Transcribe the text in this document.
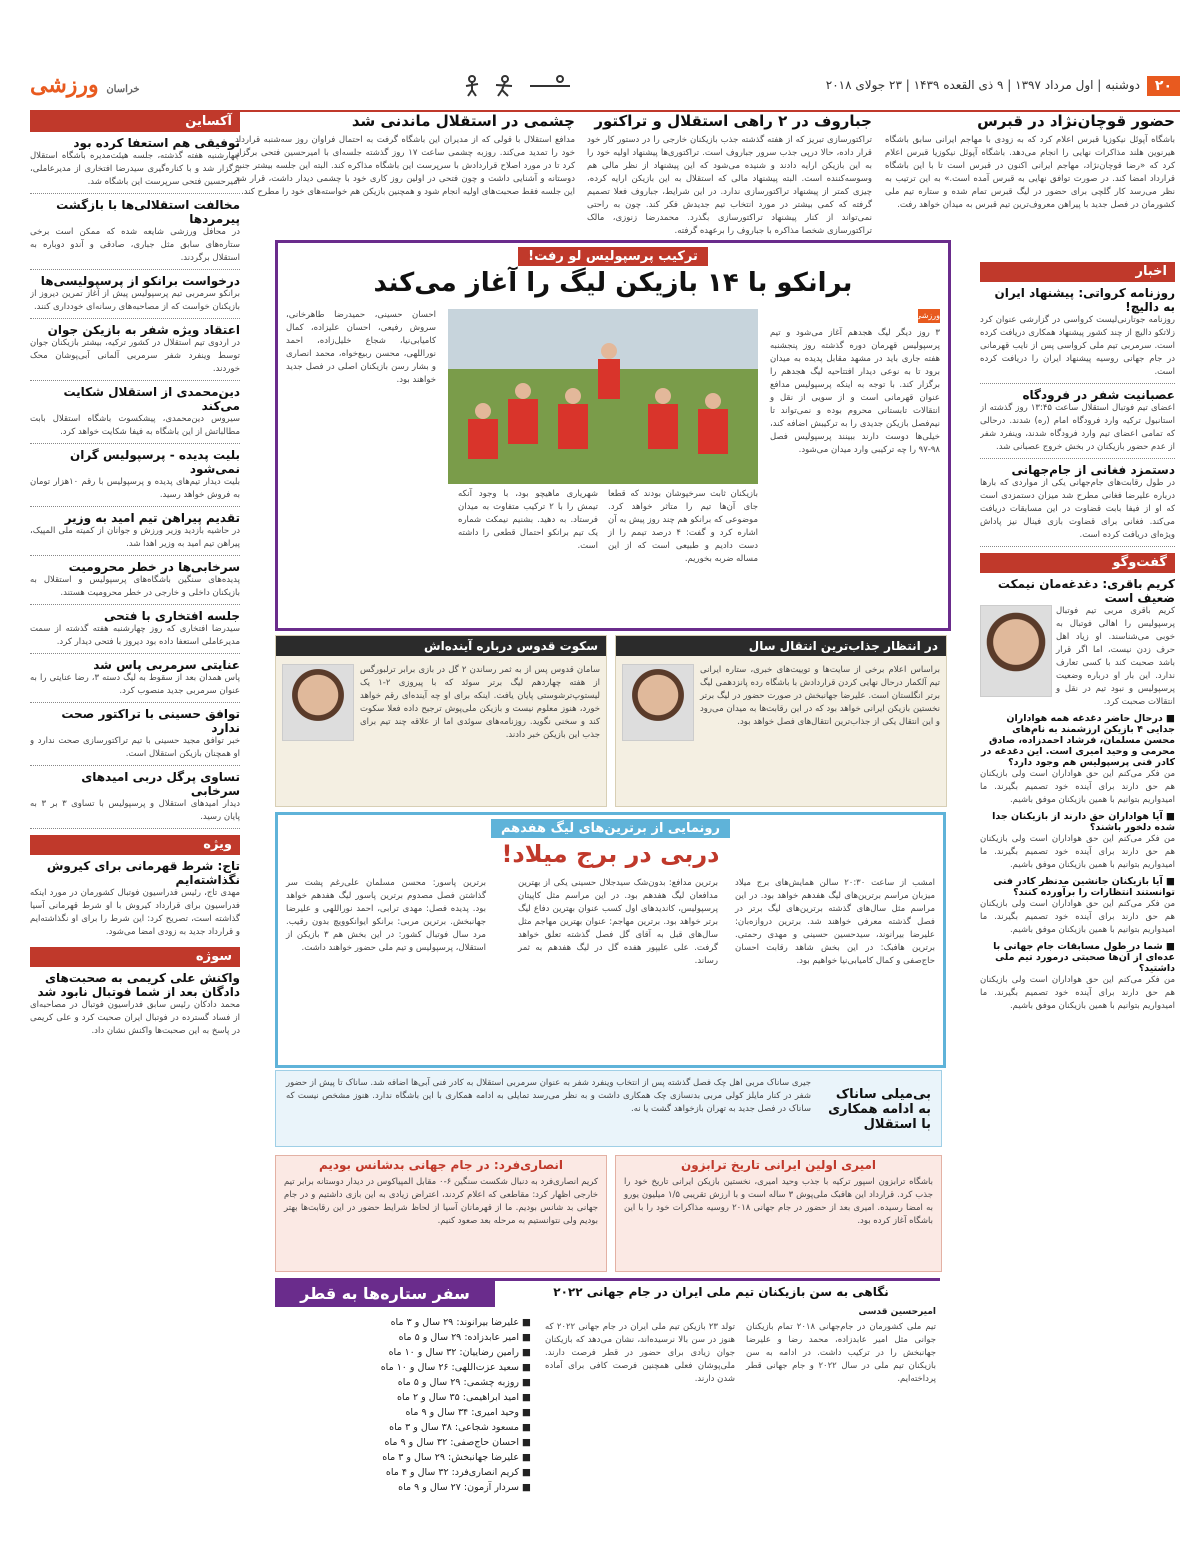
۲۰
دوشنبه | اول مرداد ۱۳۹۷ | ۹ ذی القعده ۱۴۳۹ | ۲۳ جولای ۲۰۱۸
خراسان ورزشی
حضور قوچان‌نژاد در قبرس
باشگاه آپوئل نیکوزیا قبرس اعلام کرد که به زودی با مهاجم ایرانی سابق باشگاه هیرنوین هلند مذاکرات نهایی را انجام می‌دهد. باشگاه آپوئل نیکوزیا قبرس اعلام کرد که «رضا قوچان‌نژاد، مهاجم ایرانی اکنون در قبرس است تا با این باشگاه قرارداد امضا کند. در صورت توافق نهایی به قبرس آمده است.» به این ترتیب به نظر می‌رسد کار گلچی برای حضور در لیگ قبرس تمام شده و ستاره تیم ملی کشورمان در فصل جدید با پیراهن معروف‌ترین تیم قبرس به میدان خواهد رفت.
جباروف در ۲ راهی استقلال و تراکتور
تراکتورسازی تبریز که از هفته گذشته جذب بازیکنان خارجی را در دستور کار خود قرار داده، حالا درپی جذب سرور جباروف است. تراکتوری‌ها پیشنهاد اولیه خود را به این بازیکن ارایه دادند و شنیده می‌شود که این پیشنهاد از نظر مالی هم وسوسه‌کننده است. البته پیشنهاد مالی که استقلال به این بازیکن ارایه کرده، چیزی کمتر از پیشنهاد تراکتورسازی ندارد. در این شرایط، جباروف فعلا تصمیم گرفته که کمی بیشتر در مورد انتخاب تیم جدیدش فکر کند. چون به راحتی نمی‌تواند از کنار پیشنهاد تراکتورسازی بگذرد. محمدرضا زنوزی، مالک تراکتورسازی شخصا مذاکره با جباروف را برعهده گرفته.
چشمی در استقلال ماندنی شد
مدافع استقلال با قولی که از مدیران این باشگاه گرفت به احتمال فراوان روز سه‌شنبه قرارداد خود را تمدید می‌کند. روزبه چشمی ساعت ۱۷ روز گذشته جلسه‌ای با امیرحسین فتحی برگزار کرد تا در مورد اصلاح قراردادش با سرپرست این باشگاه مذاکره کند. البته این جلسه بیشتر جنبه دوستانه و آشنایی داشت و چون فتحی در اولین روز کاری خود با چشمی دیدار داشت، قرار شد این جلسه فقط صحبت‌های اولیه انجام شود و همچنین بازیکن هم خواسته‌های خود را مطرح کند.
آکساین
توفیقی هم استعفا کرده بود
چهارشنبه هفته گذشته، جلسه هیئت‌مدیره باشگاه استقلال برگزار شد و با کناره‌گیری سیدرضا افتخاری از مدیرعاملی، امیرحسین فتحی سرپرست این باشگاه شد.
مخالفت استقلالی‌ها با بازگشت پیرمردها
در محافل ورزشی شایعه شده که ممکن است برخی ستاره‌های سابق مثل جباری، صادقی و آندو دوباره به استقلال برگردند.
درخواست برانکو از پرسپولیسی‌ها
برانکو سرمربی تیم پرسپولیس پیش از آغاز تمرین دیروز از بازیکنان خواست که از مصاحبه‌های رسانه‌ای خودداری کنند.
اعتقاد ویژه شفر به بازیکن جوان
در اردوی تیم استقلال در کشور ترکیه، بیشتر بازیکنان جوان توسط وینفرد شفر سرمربی آلمانی آبی‌پوشان محک خوردند.
دین‌محمدی از استقلال شکایت می‌کند
سیروس دین‌محمدی، پیشکسوت باشگاه استقلال بابت مطالباتش از این باشگاه به فیفا شکایت خواهد کرد.
بلیت پدیده - پرسپولیس گران نمی‌شود
بلیت دیدار تیم‌های پدیده و پرسپولیس با رقم ۱۰هزار تومان به فروش خواهد رسید.
تقدیم پیراهن تیم امید به وزیر
در حاشیه بازدید وزیر ورزش و جوانان از کمیته ملی المپیک، پیراهن تیم امید به وزیر اهدا شد.
سرخابی‌ها در خطر محرومیت
پدیده‌های سنگین باشگاه‌های پرسپولیس و استقلال به بازیکنان داخلی و خارجی در خطر محرومیت هستند.
جلسه افتخاری با فتحی
سیدرضا افتخاری که روز چهارشنبه هفته گذشته از سمت مدیرعاملی استعفا داده بود دیروز با فتحی دیدار کرد.
عنایتی سرمربی پاس شد
پاس همدان بعد از سقوط به لیگ دسته ۳، رضا عنایتی را به عنوان سرمربی جدید منصوب کرد.
توافق حسینی با تراکتور صحت ندارد
خبر توافق مجید حسینی با تیم تراکتورسازی صحت ندارد و او همچنان بازیکن استقلال است.
تساوی پرگل دربی امیدهای سرخابی
دیدار امیدهای استقلال و پرسپولیس با تساوی ۳ بر ۳ به پایان رسید.
ویژه
تاج: شرط قهرمانی برای کیروش نگذاشته‌ایم
مهدی تاج، رئیس فدراسیون فوتبال کشورمان در مورد اینکه فدراسیون برای قرارداد کیروش با او شرط قهرمانی آسیا گذاشته است، تصریح کرد: این شرط را برای او نگذاشته‌ایم و قرارداد جدید به زودی امضا می‌شود.
سوژه
واکنش علی کریمی به صحبت‌های دادگان بعد از شما فوتبال نابود شد
محمد دادکان رئیس سابق فدراسیون فوتبال در مصاحبه‌ای از فساد گسترده در فوتبال ایران صحبت کرد و علی کریمی در پاسخ به این صحبت‌ها واکنش نشان داد.
اخبار
روزنامه کرواتی: پیشنهاد ایران به دالیچ!
روزنامه جوتارنی‌لیست کرواسی در گزارشی عنوان کرد زلاتکو دالیچ از چند کشور پیشنهاد همکاری دریافت کرده است. سرمربی تیم ملی کرواسی پس از نایب قهرمانی در جام جهانی روسیه پیشنهاد ایران را دریافت کرده است.
عصبانیت شفر در فرودگاه
اعضای تیم فوتبال استقلال ساعت ۱۳:۴۵ روز گذشته از استانبول ترکیه وارد فرودگاه امام (ره) شدند. درحالی که تمامی اعضای تیم وارد فرودگاه شدند، وینفرد شفر از عدم حضور بازیکنان در بخش خروج عصبانی شد.
دستمزد فغانی از جام‌جهانی
در طول رقابت‌های جام‌جهانی یکی از مواردی که بارها درباره علیرضا فغانی مطرح شد میزان دستمزدی است که او از فیفا بابت قضاوت در این مسابقات دریافت می‌کند. فغانی برای قضاوت بازی فینال نیز پاداش ویژه‌ای دریافت کرده است.
گفت‌وگو
کریم باقری: دغدغه‌مان نیمکت ضعیف است
کریم باقری مربی تیم فوتبال پرسپولیس را اهالی فوتبال به خوبی می‌شناسند. او زیاد اهل حرف زدن نیست، اما اگر قرار باشد صحبت کند با کسی تعارف ندارد. این بار او درباره وضعیت پرسپولیس و نبود تیم در نقل و انتقالات صحبت کرد.
■ درحال حاضر دغدغه همه هواداران جدایی ۴ بازیکن ارزشمند به نام‌های محسن مسلمان، فرشاد احمدزاده، صادق محرمی و وحید امیری است. این دغدغه در کادر فنی پرسپولیس هم وجود دارد؟
من فکر می‌کنم این حق هواداران است ولی بازیکنان هم حق دارند برای آینده خود تصمیم بگیرند. ما امیدواریم بتوانیم با همین بازیکنان موفق باشیم.
■ آیا هواداران حق دارند از بازیکنان جدا شده دلخور باشند؟
من فکر می‌کنم این حق هواداران است ولی بازیکنان هم حق دارند برای آینده خود تصمیم بگیرند. ما امیدواریم بتوانیم با همین بازیکنان موفق باشیم.
■ آیا بازیکنان جانشین مدنظر کادر فنی توانستند انتظارات را برآورده کنند؟
من فکر می‌کنم این حق هواداران است ولی بازیکنان هم حق دارند برای آینده خود تصمیم بگیرند. ما امیدواریم بتوانیم با همین بازیکنان موفق باشیم.
■ شما در طول مسابقات جام جهانی با عده‌ای از آن‌ها صحبتی درمورد تیم ملی داشتید؟
من فکر می‌کنم این حق هواداران است ولی بازیکنان هم حق دارند برای آینده خود تصمیم بگیرند. ما امیدواریم بتوانیم با همین بازیکنان موفق باشیم.
ترکیب پرسپولیس لو رفت!
برانکو با ۱۴ بازیکن لیگ را آغاز می‌کند
ورزشی
۳ روز دیگر لیگ هجدهم آغاز می‌شود و تیم پرسپولیس قهرمان دوره گذشته روز پنجشنبه هفته جاری باید در مشهد مقابل پدیده به میدان برود تا به نوعی دیدار افتتاحیه لیگ هجدهم را برگزار کند. با توجه به اینکه پرسپولیس مدافع عنوان قهرمانی است و از سویی از نقل و انتقالات تابستانی محروم بوده و نمی‌تواند تا نیم‌فصل بازیکن جدیدی را به ترکیبش اضافه کند، خیلی‌ها دوست دارند ببینند پرسپولیس فصل ۹۸-۹۷ را چه ترکیبی وارد میدان می‌شود.
بازیکنان ثابت سرخپوشان بودند که قطعا جای آن‌ها تیم را متاثر خواهد کرد. موضوعی که برانکو هم چند روز پیش به آن اشاره کرد و گفت: ۴ درصد تیمم را از دست دادیم و طبیعی است که از این مساله ضربه بخوریم.
شهریاری ماهیچو بود، با وجود آنکه تیمش را با ۲ ترکیب متفاوت به میدان فرستاد. به دهید. بشنیم نیمکت شماره یک تیم برانکو احتمال قطعی را داشته است.
احسان حسینی، حمیدرضا طاهرخانی، سروش رفیعی، احسان علیزاده، کمال کامیابی‌نیا، شجاع خلیل‌زاده، احمد نوراللهی، محسن ربیع‌خواه، محمد انصاری و بشار رسن بازیکنان اصلی در فصل جدید خواهند بود.
سکوت قدوس درباره آینده‌اش
سامان قدوس پس از به ثمر رساندن ۲ گل در بازی برابر ترلبورگس از هفته چهاردهم لیگ برتر سوئد که با پیروزی ۲-۱ یک لیستوپ‌ترشوستی پایان یافت. اینکه برای او چه آینده‌ای رقم خواهد خورد، هنوز معلوم نیست و بازیکن ملی‌پوش ترجیح داده فعلا سکوت کند و سخنی نگوید. روزنامه‌های سوئدی اما از علاقه چند تیم برای جذب این بازیکن خبر دادند.
در انتظار جذاب‌ترین انتقال سال
براساس اعلام برخی از سایت‌ها و توییت‌های خبری، ستاره ایرانی تیم آلکمار درحال نهایی کردن قراردادش با باشگاه رده پانزدهمی لیگ برتر انگلستان است. علیرضا جهانبخش در صورت حضور در لیگ برتر نخستین بازیکن ایرانی خواهد بود که در این رقابت‌ها به میدان می‌رود و این انتقال یکی از جذاب‌ترین انتقال‌های فصل خواهد بود.
رونمایی از برترین‌های لیگ هفدهم
دربی در برج میلاد!
امشب از ساعت ۲۰:۳۰ سالن همایش‌های برج میلاد میزبان مراسم برترین‌های لیگ هفدهم خواهد بود. در این مراسم مثل سال‌های گذشته برترین‌های لیگ برتر در فصل گذشته معرفی خواهند شد. برترین دروازه‌بان: علیرضا بیرانوند، سیدحسین حسینی و مهدی رحمتی. برترین هافبک: در این بخش شاهد رقابت احسان حاج‌صفی و کمال کامیابی‌نیا خواهیم بود.
برترین مدافع: بدون‌شک سیدجلال حسینی یکی از بهترین مدافعان لیگ هفدهم بود. در این مراسم مثل کاپیتان پرسپولیس، کاندیدهای اول کسب عنوان بهترین دفاع لیگ برتر خواهد بود. برترین مهاجم: عنوان بهترین مهاجم مثل سال‌های قبل به آقای گل فصل گذشته تعلق خواهد گرفت. علی علیپور هفده گل در لیگ هفدهم به ثمر رساند.
برترین پاسور: محسن مسلمان علی‌رغم پشت سر گذاشتن فصل مصدوم برترین پاسور لیگ هفدهم خواهد بود. پدیده فصل: مهدی ترابی، احمد نوراللهی و علیرضا جهانبخش. برترین مربی: برانکو ایوانکوویچ بدون رقیب. مرد سال فوتبال کشور: در این بخش هم ۳ بازیکن از استقلال، پرسپولیس و تیم ملی حضور خواهند داشت.
بی‌میلی ساناک به ادامه همکاری با استقلال
جیری ساناک مربی اهل چک فصل گذشته پس از انتخاب وینفرد شفر به عنوان سرمربی استقلال به کادر فنی آبی‌ها اضافه شد. ساناک تا پیش از حضور شفر در کنار مایلز کولی مربی بدنسازی چک همکاری داشت و به نظر می‌رسد تمایلی به ادامه همکاری با این باشگاه ندارد. هنوز مشخص نیست که ساناک در فصل جدید به تهران بازخواهد گشت یا نه.
انصاری‌فرد: در جام جهانی بدشانس بودیم
کریم انصاری‌فرد به دنبال شکست سنگین ۶-۰ مقابل المپیاکوس در دیدار دوستانه برابر تیم خارجی اظهار کرد: مقاطعی که اعلام کردند، اعتراض زیادی به این بازی داشتیم و در جام جهانی بد شانس بودیم. ما از قهرمانان آسیا از لحاظ شرایط حضور در این رقابت‌ها بهتر بودیم ولی نتوانستیم به مرحله بعد صعود کنیم.
امیری اولین ایرانی تاریخ ترابزون
باشگاه ترابزون اسپور ترکیه با جذب وحید امیری، نخستین بازیکن ایرانی تاریخ خود را جذب کرد. قرارداد این هافبک ملی‌پوش ۳ ساله است و با ارزش تقریبی ۱/۵ میلیون یورو به امضا رسیده. امیری بعد از حضور در جام جهانی ۲۰۱۸ روسیه مذاکرات خود را با این باشگاه آغاز کرده بود.
سفر ستاره‌ها به قطر	نگاهی به سن بازیکنان تیم ملی ایران در جام جهانی ۲۰۲۲
امیرحسین قدسی
تیم ملی کشورمان در جام‌جهانی ۲۰۱۸ تمام بازیکنان جوانی مثل امیر عابدزاده، محمد رضا و علیرضا جهانبخش را در ترکیب داشت. در ادامه به سن بازیکنان تیم ملی در سال ۲۰۲۲ و جام جهانی قطر پرداخته‌ایم.
تولد ۲۳ بازیکن تیم ملی ایران در جام جهانی ۲۰۲۲ که هنوز در سن بالا نرسیده‌اند، نشان می‌دهد که بازیکنان جوان زیادی برای حضور در قطر فرصت دارند. ملی‌پوشان فعلی همچنین فرصت کافی برای آماده شدن دارند.
■ علیرضا بیرانوند: ۲۹ سال و ۳ ماه
■ امیر عابدزاده: ۲۹ سال و ۵ ماه
■ رامین رضاییان: ۳۲ سال و ۱۰ ماه
■ سعید عزت‌اللهی: ۲۶ سال و ۱۰ ماه
■ روزبه چشمی: ۲۹ سال و ۵ ماه
■ امید ابراهیمی: ۳۵ سال و ۲ ماه
■ وحید امیری: ۳۴ سال و ۹ ماه
■ مسعود شجاعی: ۳۸ سال و ۳ ماه
■ احسان حاج‌صفی: ۳۲ سال و ۹ ماه
■ علیرضا جهانبخش: ۲۹ سال و ۳ ماه
■ کریم انصاری‌فرد: ۳۲ سال و ۴ ماه
■ سردار آزمون: ۲۷ سال و ۹ ماه
